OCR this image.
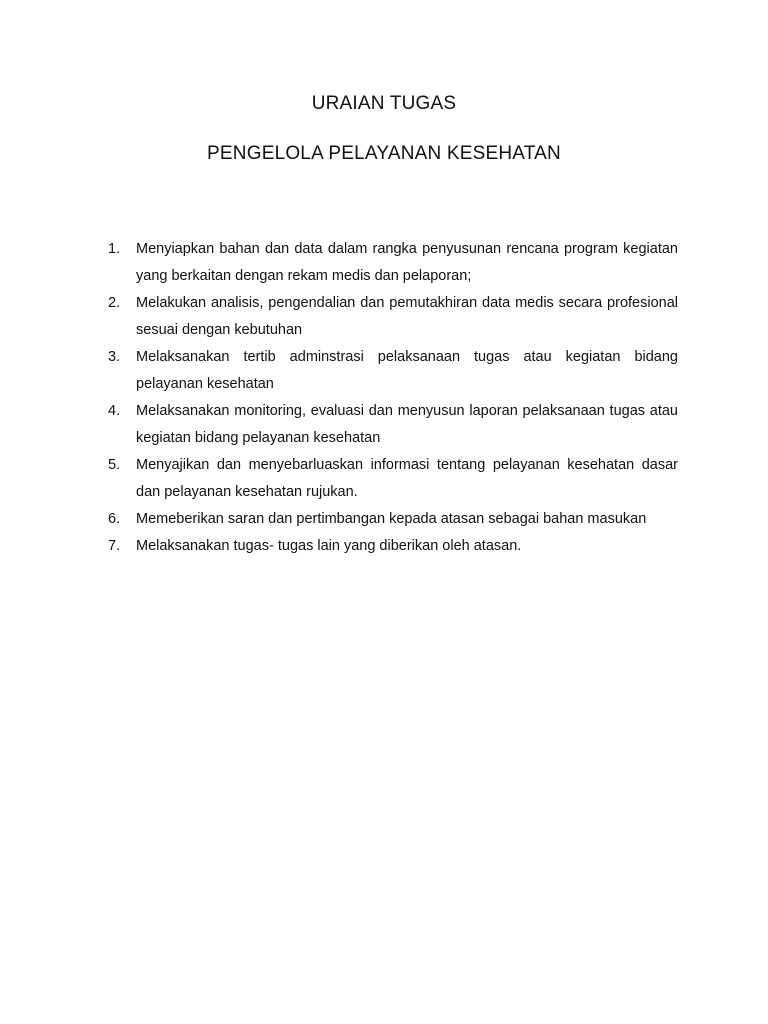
URAIAN TUGAS
PENGELOLA PELAYANAN KESEHATAN
1.	Menyiapkan bahan dan data dalam rangka penyusunan rencana program kegiatan yang berkaitan dengan rekam medis dan pelaporan;
2.	Melakukan analisis, pengendalian dan pemutakhiran data medis secara profesional sesuai dengan kebutuhan
3.	Melaksanakan tertib adminstrasi pelaksanaan tugas atau kegiatan bidang pelayanan kesehatan
4.	Melaksanakan monitoring, evaluasi dan menyusun laporan pelaksanaan tugas atau kegiatan bidang pelayanan kesehatan
5.	Menyajikan dan menyebarluaskan informasi tentang pelayanan kesehatan dasar dan pelayanan kesehatan rujukan.
6.	Memeberikan saran dan pertimbangan kepada atasan sebagai bahan masukan
7.	Melaksanakan tugas- tugas lain yang diberikan oleh atasan.
